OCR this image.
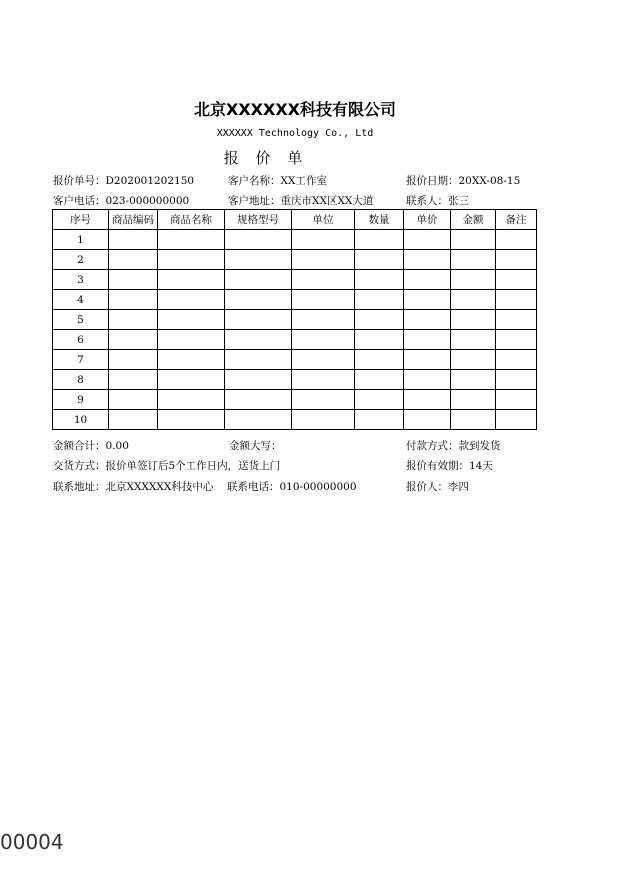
北京XXXXXX科技有限公司
XXXXXX Technology Co., Ltd
报 价 单
报价单号：D202001202150	客户名称：XX工作室	报价日期：20XX-08-15
客户电话：023-000000000	客户地址：重庆市XX区XX大道	联系人：张三
序号	商品编码	商品名称	规格型号	单位	数量	单价	金额	备注
1								
2								
3								
4								
5								
6								
7								
8								
9								
10								
金额合计：0.00	金额大写：	付款方式：款到发货
交货方式：报价单签订后5个工作日内，送货上门	报价有效期：14天
联系地址：北京XXXXXX科技中心 联系电话：010-00000000	报价人：李四
00004
